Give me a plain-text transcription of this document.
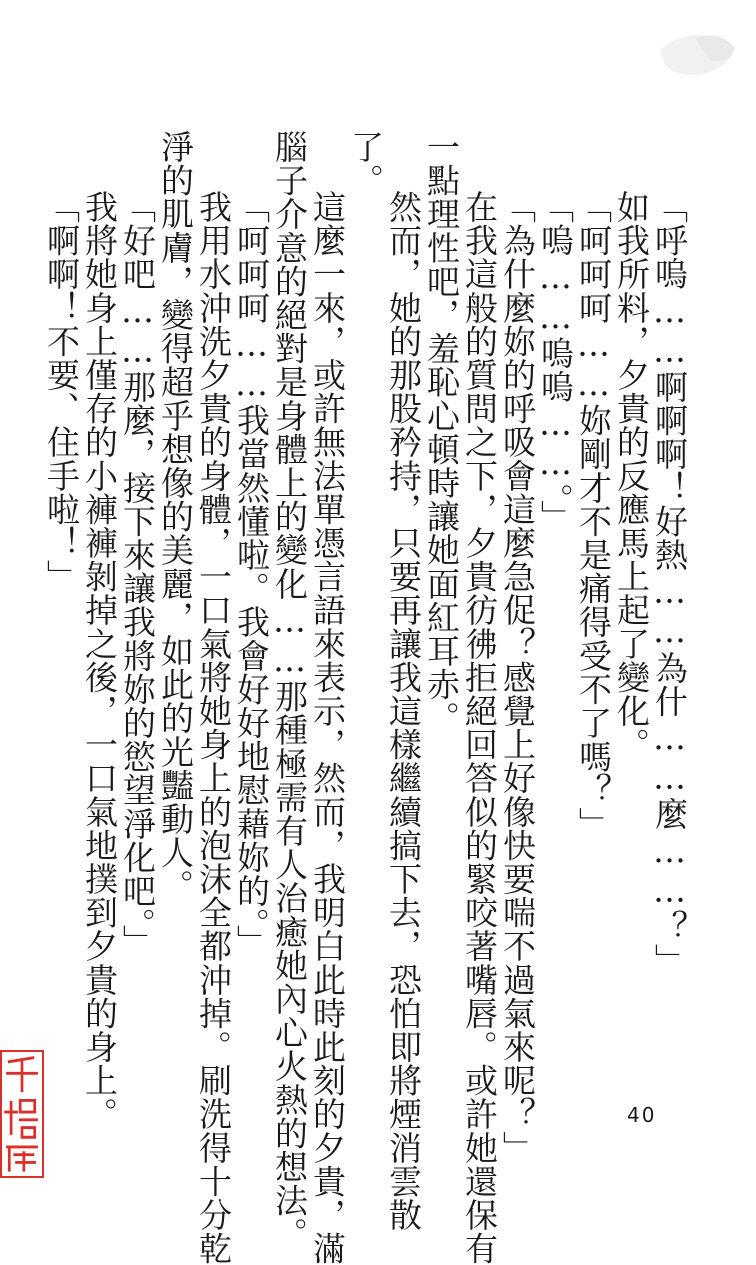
「呼嗚……啊啊啊！好熱……為什……麼……？」
如我所料，夕貴的反應馬上起了變化。
「呵呵呵……妳剛才不是痛得受不了嗎？」
「嗚……嗚嗚……。」
「為什麼妳的呼吸會這麼急促？感覺上好像快要喘不過氣來呢？」
在我這般的質問之下，夕貴彷彿拒絕回答似的緊咬著嘴唇。或許她還保有
一點理性吧，羞恥心頓時讓她面紅耳赤。
然而，她的那股矜持，只要再讓我這樣繼續搞下去，恐怕即將煙消雲散
了。
這麼一來，或許無法單憑言語來表示，然而，我明白此時此刻的夕貴，滿
腦子介意的絕對是身體上的變化……那種極需有人治癒她內心火熱的想法。
「呵呵呵……我當然懂啦。我會好好地慰藉妳的。」
我用水沖洗夕貴的身體，一口氣將她身上的泡沫全都沖掉。刷洗得十分乾
淨的肌膚，變得超乎想像的美麗，如此的光豔動人。
「好吧……那麼，接下來讓我將妳的慾望淨化吧。」
我將她身上僅存的小褲褲剝掉之後，一口氣地撲到夕貴的身上。
「啊啊！不要、住手啦！」
40
